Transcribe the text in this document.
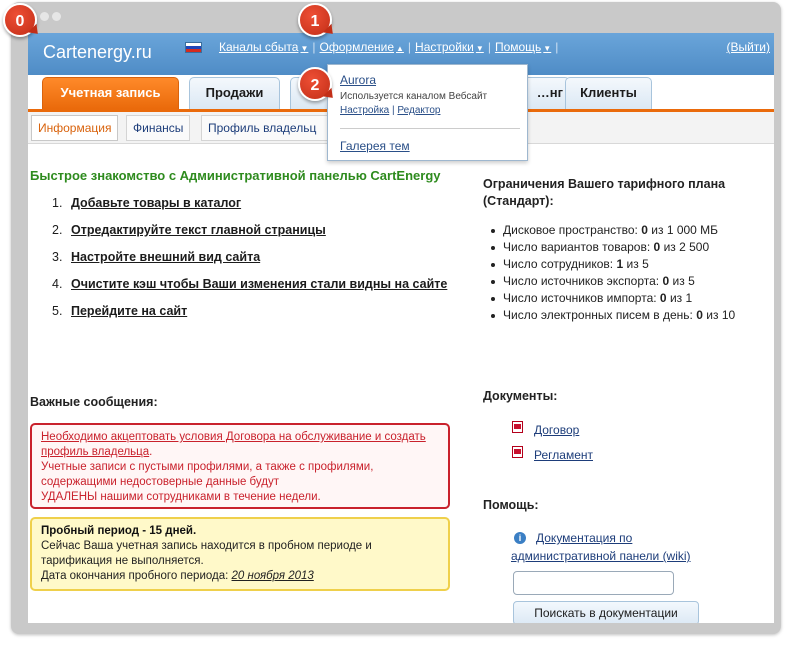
Cartenergy.ru	Каналы сбыта ▼ | Оформление ▲ | Настройки ▼ | Помощь ▼ |	(Выйти)
Учетная запись	Продажи	…нг	Клиенты
Информация	Финансы	Профиль владельц
Aurora
Используется каналом Вебсайт
Настройка | Редактор
Галерея тем
Быстрое знакомство с Административной панелью CartEnergy
1. Добавьте товары в каталог
2. Отредактируйте текст главной страницы
3. Настройте внешний вид сайта
4. Очистите кэш чтобы Ваши изменения стали видны на сайте
5. Перейдите на сайт
Важные сообщения:
Необходимо акцептовать условия Договора на обслуживание и создать профиль владельца.
Учетные записи с пустыми профилями, а также с профилями,
содержащими недостоверные данные будут
УДАЛЕНЫ нашими сотрудниками в течение недели.
Пробный период - 15 дней.
Сейчас Ваша учетная запись находится в пробном периоде и
тарификация не выполняется.
Дата окончания пробного периода: 20 ноября 2013
Ограничения Вашего тарифного плана (Стандарт):
Дисковое пространство: 0 из 1 000 МБ
Число вариантов товаров: 0 из 2 500
Число сотрудников: 1 из 5
Число источников экспорта: 0 из 5
Число источников импорта: 0 из 1
Число электронных писем в день: 0 из 10
Документы:
Договор
Регламент
Помощь:
Документация по административной панели (wiki)
i
Поискать в документации
0	1
2
